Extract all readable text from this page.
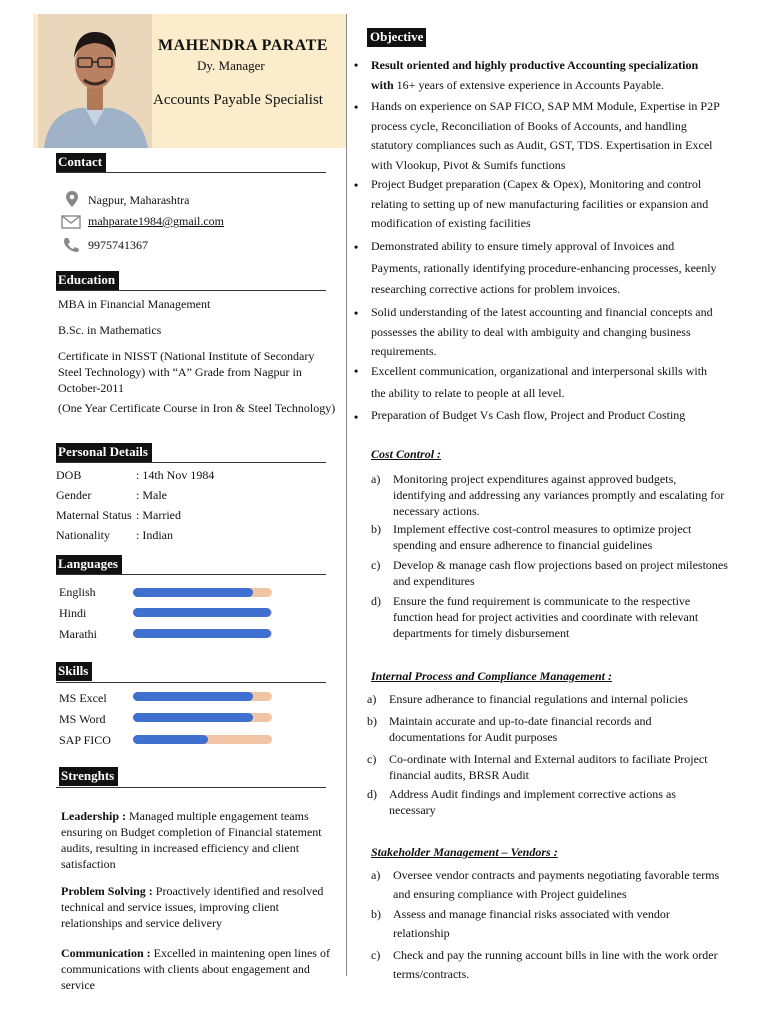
MAHENDRA PARATE
Dy. Manager
Accounts Payable Specialist
Contact
Nagpur, Maharashtra
mahparate1984@gmail.com
9975741367
Education
MBA in Financial Management
B.Sc. in Mathematics
Certificate in NISST (National Institute of Secondary Steel Technology) with “A” Grade from Nagpur in October-2011
(One Year Certificate Course in Iron & Steel Technology)
Personal Details
DOB	: 14th Nov 1984
Gender	: Male
Maternal Status : Married
Nationality : Indian
Languages
English
Hindi
Marathi
Skills
MS Excel
MS Word
SAP FICO
Strenghts
Leadership : Managed multiple engagement teams ensuring on Budget completion of Financial statement audits, resulting in increased efficiency and client satisfaction
Problem Solving : Proactively identified and resolved technical and service issues, improving client relationships and service delivery
Communication : Excelled in maintening open lines of communications with clients about engagement and service
Objective
• Result oriented and highly productive Accounting specialization with 16+ years of extensive experience in Accounts Payable.
• Hands on experience on SAP FICO, SAP MM Module, Expertise in P2P process cycle, Reconciliation of Books of Accounts, and handling statutory compliances such as Audit, GST, TDS. Expertisation in Excel with Vlookup, Pivot & Sumifs functions
• Project Budget preparation (Capex & Opex), Monitoring and control relating to setting up of new manufacturing facilities or expansion and modification of existing facilities
• Demonstrated ability to ensure timely approval of Invoices and Payments, rationally identifying procedure-enhancing processes, keenly researching corrective actions for problem invoices.
• Solid understanding of the latest accounting and financial concepts and possesses the ability to deal with ambiguity and changing business requirements.
• Excellent communication, organizational and interpersonal skills with the ability to relate to people at all level.
• Preparation of Budget Vs Cash flow, Project and Product Costing
Cost Control :
a) Monitoring project expenditures against approved budgets, identifying and addressing any variances promptly and escalating for necessary actions.
b) Implement effective cost-control measures to optimize project spending and ensure adherence to financial guidelines
c) Develop & manage cash flow projections based on project milestones and expenditures
d) Ensure the fund requirement is communicate to the respective function head for project activities and coordinate with relevant departments for timely disbursement
Internal Process and Compliance Management :
a) Ensure adherance to financial regulations and internal policies
b) Maintain accurate and up-to-date financial records and documentations for Audit purposes
c) Co-ordinate with Internal and External auditors to faciliate Project financial audits, BRSR Audit
d) Address Audit findings and implement corrective actions as necessary
Stakeholder Management – Vendors :
a) Oversee vendor contracts and payments negotiating favorable terms and ensuring compliance with Project guidelines
b) Assess and manage financial risks associated with vendor relationship
c) Check and pay the running account bills in line with the work order terms/contracts.
